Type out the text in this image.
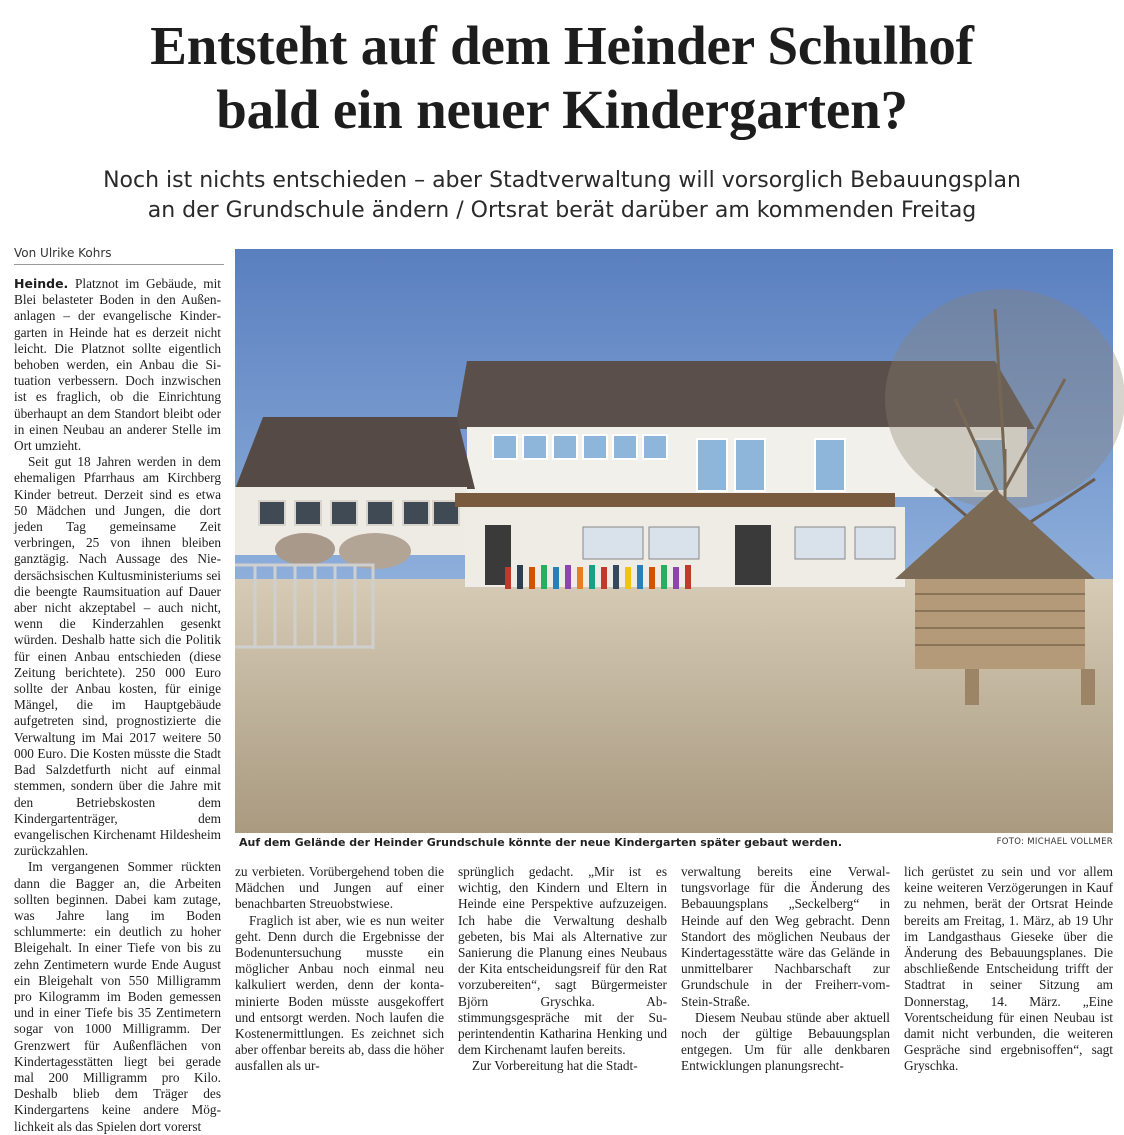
Entsteht auf dem Heinder Schulhof
bald ein neuer Kindergarten?
Noch ist nichts entschieden – aber Stadtverwaltung will vorsorglich Bebauungsplan
an der Grundschule ändern / Ortsrat berät darüber am kommenden Freitag
Von Ulrike Kohrs

Heinde. Platznot im Gebäude, mit Blei belasteter Boden in den Außenanlagen – der evangelische Kindergarten in Heinde hat es derzeit nicht leicht. Die Platznot sollte eigentlich behoben werden, ein Anbau die Situation verbessern. Doch inzwischen ist es fraglich, ob die Einrichtung überhaupt an dem Standort bleibt oder in einen Neubau an anderer Stelle im Ort umzieht.

Seit gut 18 Jahren werden in dem ehemaligen Pfarrhaus am Kirchberg Kinder betreut. Derzeit sind es etwa 50 Mädchen und Jungen, die dort jeden Tag gemeinsame Zeit verbringen, 25 von ihnen bleiben ganztägig. Nach Aussage des Niedersächsischen Kultusministeriums sei die beengte Raumsituation auf Dauer aber nicht akzeptabel – auch nicht, wenn die Kinderzahlen gesenkt würden. Deshalb hatte sich die Politik für einen Anbau entschieden (diese Zeitung berichtete). 250 000 Euro sollte der Anbau kosten, für einige Mängel, die im Hauptgebäude aufgetreten sind, prognostizierte die Verwaltung im Mai 2017 weitere 50 000 Euro. Die Kosten müsste die Stadt Bad Salzdetfurth nicht auf einmal stemmen, sondern über die Jahre mit den Betriebskosten dem Kindergartenträger, dem evangelischen Kirchenamt Hildesheim zurückzahlen.

Im vergangenen Sommer rückten dann die Bagger an, die Arbeiten sollten beginnen. Dabei kam zutage, was Jahre lang im Boden schlummerte: ein deutlich zu hoher Bleigehalt. In einer Tiefe von bis zu zehn Zentimetern wurde Ende August ein Bleigehalt von 550 Milligramm pro Kilogramm im Boden gemessen und in einer Tiefe bis 35 Zentimetern sogar von 1000 Milligramm. Der Grenzwert für Außenflächen von Kindertagesstätten liegt bei gerade mal 200 Milligramm pro Kilo. Deshalb blieb dem Träger des Kindergartens keine andere Möglichkeit als das Spielen dort vorerst

Auf dem Gelände der Heinder Grundschule könnte der neue Kindergarten später gebaut werden.	FOTO: MICHAEL VOLLMER

zu verbieten. Vorübergehend toben die Mädchen und Jungen auf einer benachbarten Streuobstwiese.

Fraglich ist aber, wie es nun weiter geht. Denn durch die Ergebnisse der Bodenuntersuchung musste ein möglicher Anbau noch einmal neu kalkuliert werden, denn der kontaminierte Boden müsste ausgekoffert und entsorgt werden. Noch laufen die Kostenermittlungen. Es zeichnet sich aber offenbar bereits ab, dass die höher ausfallen als ur-

sprünglich gedacht. „Mir ist es wichtig, den Kindern und Eltern in Heinde eine Perspektive aufzuzeigen. Ich habe die Verwaltung deshalb gebeten, bis Mai als Alternative zur Sanierung die Planung eines Neubaus der Kita entscheidungsreif für den Rat vorzubereiten“, sagt Bürgermeister Björn Gryschka. Abstimmungsgespräche mit der Superintendentin Katharina Henking und dem Kirchenamt laufen bereits.

Zur Vorbereitung hat die Stadt-

verwaltung bereits eine Verwaltungsvorlage für die Änderung des Bebauungsplans „Seckelberg“ in Heinde auf den Weg gebracht. Denn Standort des möglichen Neubaus der Kindertagesstätte wäre das Gelände in unmittelbarer Nachbarschaft zur Grundschule in der Freiherr-vom-Stein-Straße.

Diesem Neubau stünde aber aktuell noch der gültige Bebauungsplan entgegen. Um für alle denkbaren Entwicklungen planungsrecht-

lich gerüstet zu sein und vor allem keine weiteren Verzögerungen in Kauf zu nehmen, berät der Ortsrat Heinde bereits am Freitag, 1. März, ab 19 Uhr im Landgasthaus Gieseke über die Änderung des Bebauungsplanes. Die abschließende Entscheidung trifft der Stadtrat in seiner Sitzung am Donnerstag, 14. März. „Eine Vorentscheidung für einen Neubau ist damit nicht verbunden, die weiteren Gespräche sind ergebnisoffen“, sagt Gryschka.
